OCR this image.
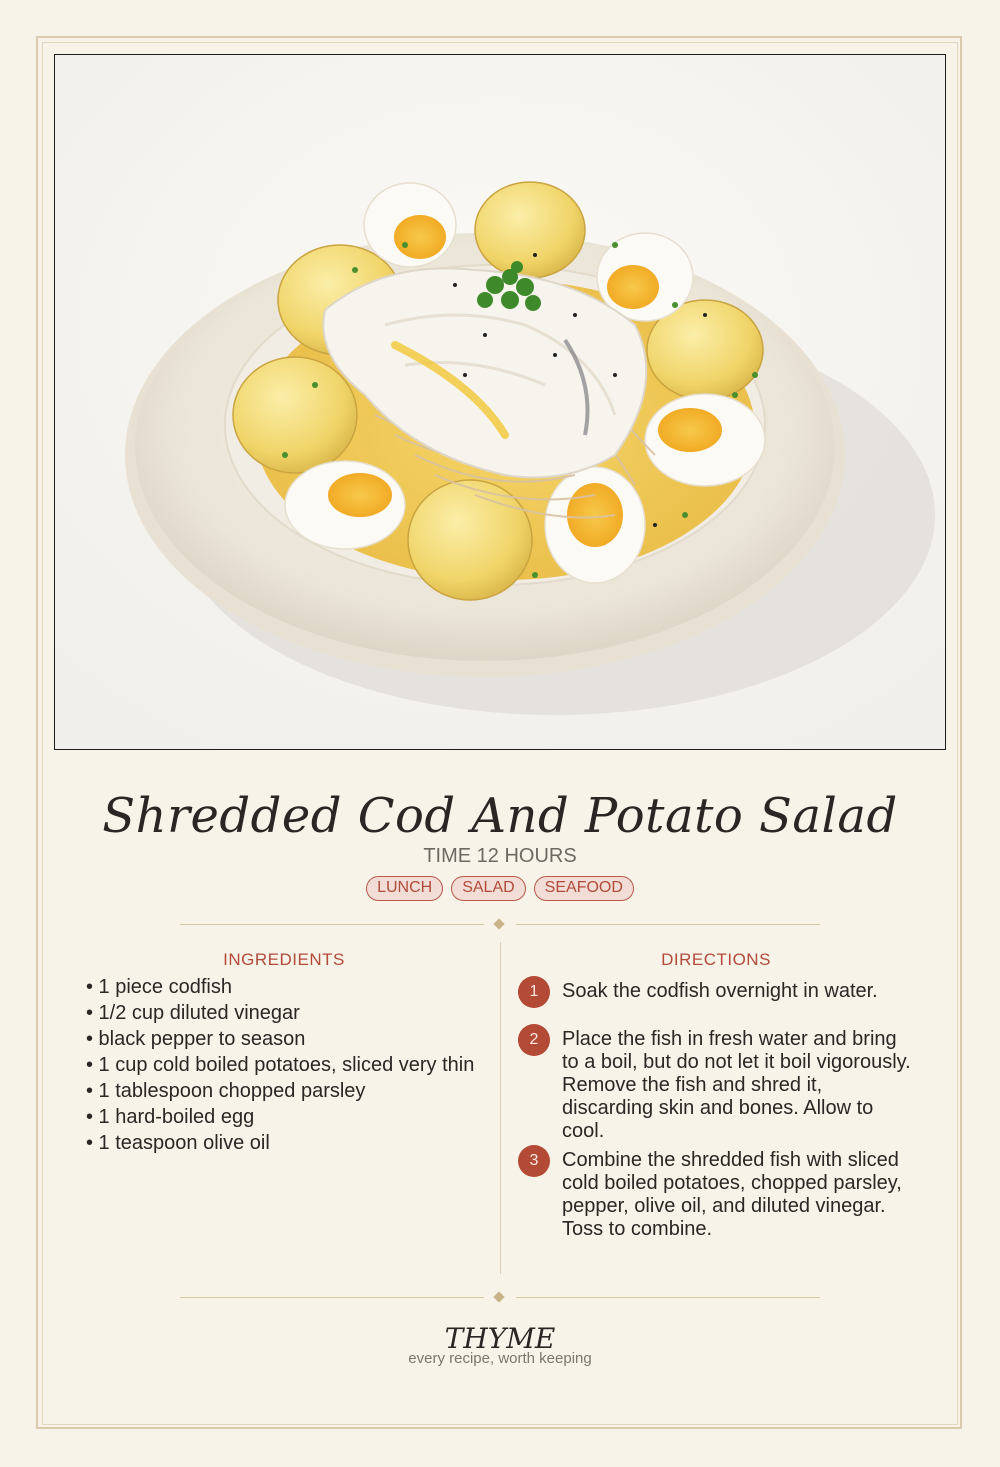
Shredded Cod And Potato Salad
TIME 12 HOURS
LUNCH SALAD SEAFOOD
INGREDIENTS
• 1 piece codfish
• 1/2 cup diluted vinegar
• black pepper to season
• 1 cup cold boiled potatoes, sliced very thin
• 1 tablespoon chopped parsley
• 1 hard-boiled egg
• 1 teaspoon olive oil
DIRECTIONS
1	Soak the codfish overnight in water.
2	Place the fish in fresh water and bring to a boil, but do not let it boil vigorously. Remove the fish and shred it, discarding skin and bones. Allow to cool.
3	Combine the shredded fish with sliced cold boiled potatoes, chopped parsley, pepper, olive oil, and diluted vinegar. Toss to combine.
THYME
every recipe, worth keeping
